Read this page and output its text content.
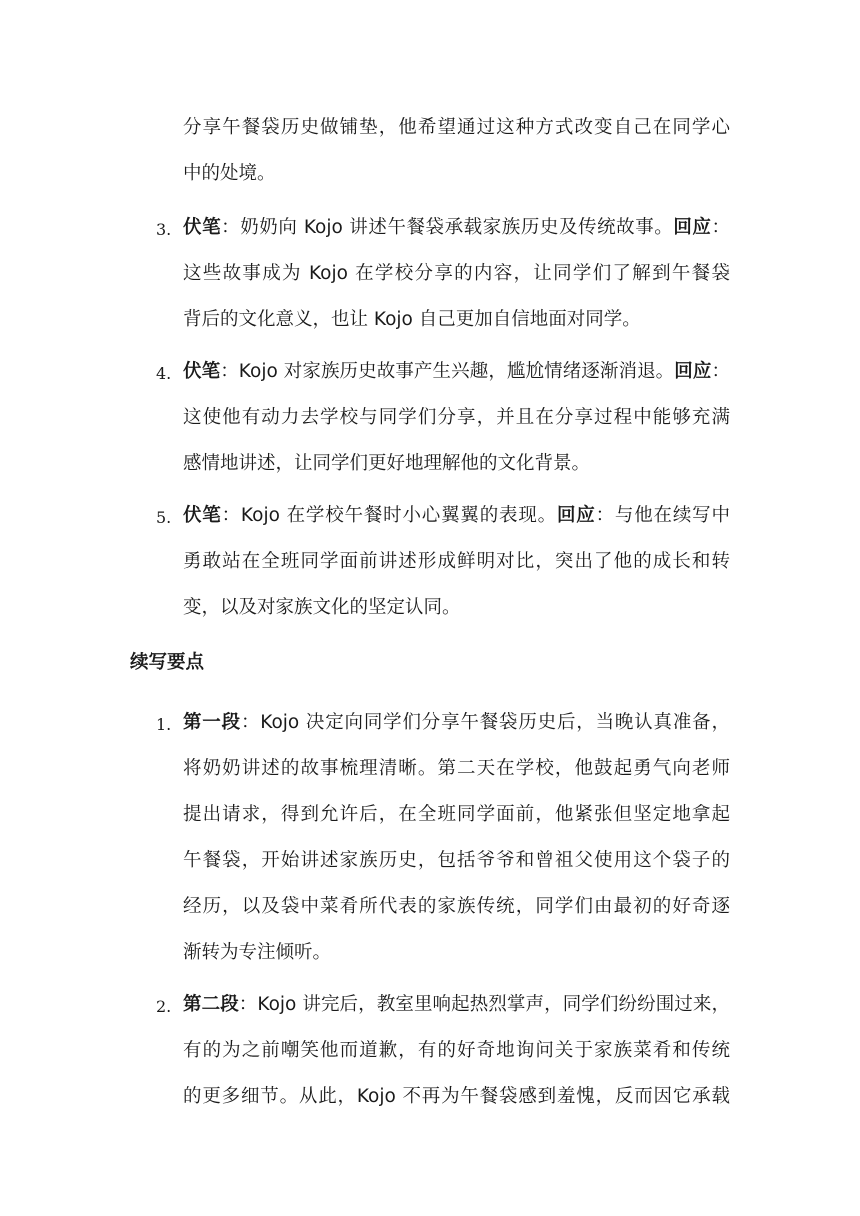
分享午餐袋历史做铺垫，他希望通过这种方式改变自己在同学心
中的处境。
3. 伏笔：奶奶向 Kojo 讲述午餐袋承载家族历史及传统故事。回应：
这些故事成为 Kojo 在学校分享的内容，让同学们了解到午餐袋
背后的文化意义，也让 Kojo 自己更加自信地面对同学。
4. 伏笔：Kojo 对家族历史故事产生兴趣，尴尬情绪逐渐消退。回应：
这使他有动力去学校与同学们分享，并且在分享过程中能够充满
感情地讲述，让同学们更好地理解他的文化背景。
5. 伏笔：Kojo 在学校午餐时小心翼翼的表现。回应：与他在续写中
勇敢站在全班同学面前讲述形成鲜明对比，突出了他的成长和转
变，以及对家族文化的坚定认同。
续写要点
1. 第一段：Kojo 决定向同学们分享午餐袋历史后，当晚认真准备，
将奶奶讲述的故事梳理清晰。第二天在学校，他鼓起勇气向老师
提出请求，得到允许后，在全班同学面前，他紧张但坚定地拿起
午餐袋，开始讲述家族历史，包括爷爷和曾祖父使用这个袋子的
经历，以及袋中菜肴所代表的家族传统，同学们由最初的好奇逐
渐转为专注倾听。
2. 第二段：Kojo 讲完后，教室里响起热烈掌声，同学们纷纷围过来，
有的为之前嘲笑他而道歉，有的好奇地询问关于家族菜肴和传统
的更多细节。从此，Kojo 不再为午餐袋感到羞愧，反而因它承载
